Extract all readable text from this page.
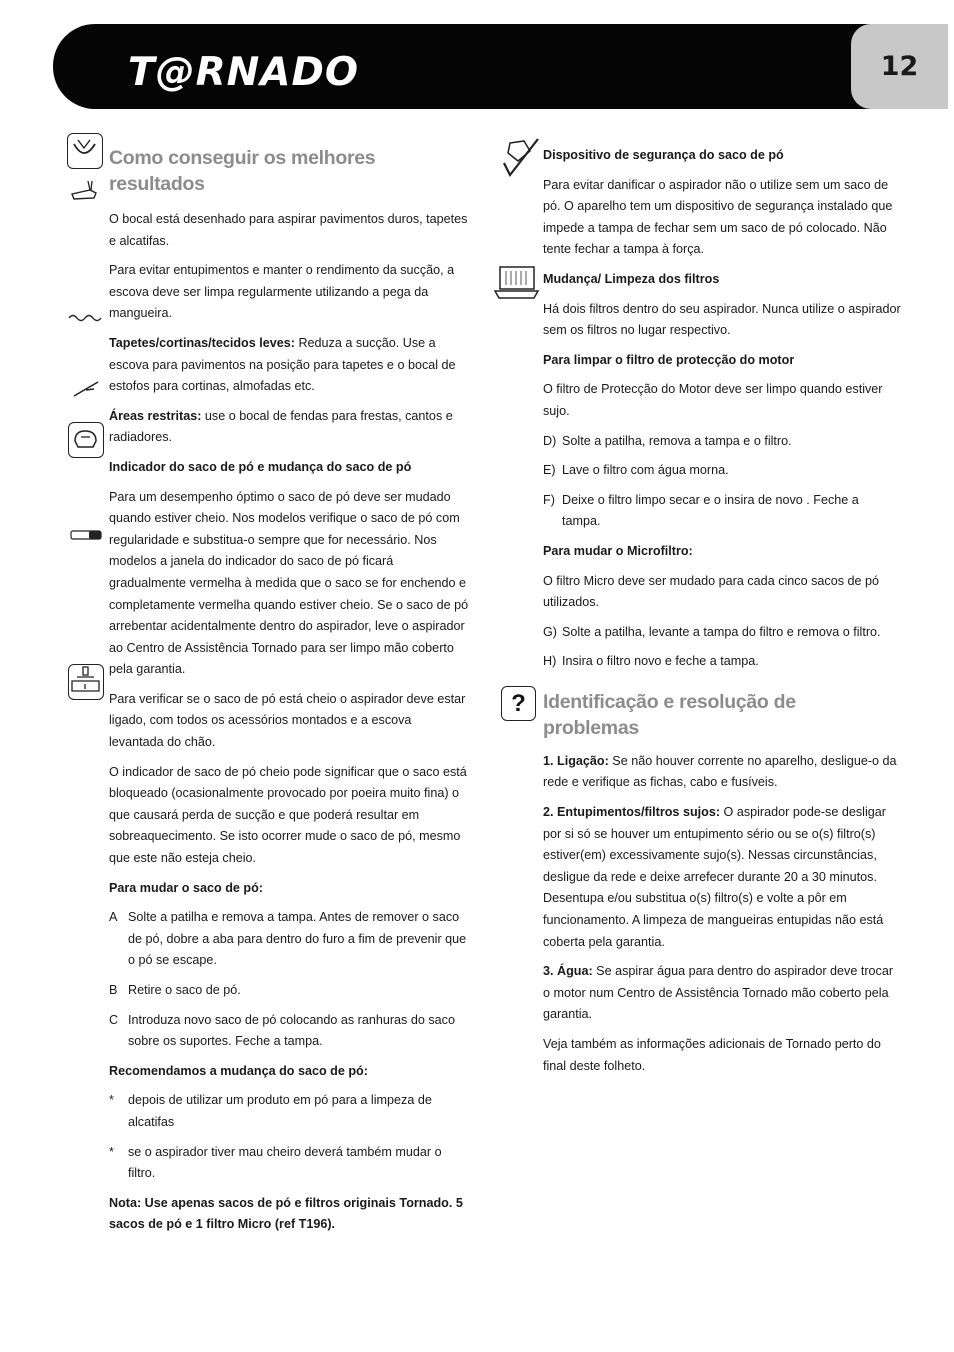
T@RNADO	12
?
Como conseguir os melhores resultados

O bocal está desenhado para aspirar pavimentos duros, tapetes e alcatifas.

Para evitar entupimentos e manter o rendimento da sucção, a escova deve ser limpa regularmente utilizando a pega da mangueira.

Tapetes/cortinas/tecidos leves: Reduza a sucção. Use a escova para pavimentos na posição para tapetes e o bocal de estofos para cortinas, almofadas etc.

Áreas restritas: use o bocal de fendas para frestas, cantos e radiadores.

Indicador do saco de pó e mudança do saco de pó

Para um desempenho óptimo o saco de pó deve ser mudado quando estiver cheio. Nos modelos verifique o saco de pó com regularidade e substitua-o sempre que for necessário. Nos modelos a janela do indicador do saco de pó ficará gradualmente vermelha à medida que o saco se for enchendo e completamente vermelha quando estiver cheio. Se o saco de pó arrebentar acidentalmente dentro do aspirador, leve o aspirador ao Centro de Assistência Tornado para ser limpo mão coberto pela garantia.

Para verificar se o saco de pó está cheio o aspirador deve estar ligado, com todos os acessórios montados e a escova levantada do chão.

O indicador de saco de pó cheio pode significar que o saco está bloqueado (ocasionalmente provocado por poeira muito fina) o que causará perda de sucção e que poderá resultar em sobreaquecimento. Se isto ocorrer mude o saco de pó, mesmo que este não esteja cheio.

Para mudar o saco de pó:

A Solte a patilha e remova a tampa. Antes de remover o saco de pó, dobre a aba para dentro do furo a fim de prevenir que o pó se escape.
B Retire o saco de pó.
C Introduza novo saco de pó colocando as ranhuras do saco sobre os suportes. Feche a tampa.

Recomendamos a mudança do saco de pó:

*	depois de utilizar um produto em pó para a limpeza de alcatifas
*	se o aspirador tiver mau cheiro deverá também mudar o filtro.

Nota: Use apenas sacos de pó e filtros originais Tornado. 5 sacos de pó e 1 filtro Micro (ref T196).

Dispositivo de segurança do saco de pó

Para evitar danificar o aspirador não o utilize sem um saco de pó. O aparelho tem um dispositivo de segurança instalado que impede a tampa de fechar sem um saco de pó colocado. Não tente fechar a tampa à força.

Mudança/ Limpeza dos filtros

Há dois filtros dentro do seu aspirador. Nunca utilize o aspirador sem os filtros no lugar respectivo.

Para limpar o filtro de protecção do motor

O filtro de Protecção do Motor deve ser limpo quando estiver sujo.

D) Solte a patilha, remova a tampa e o filtro.
E) Lave o filtro com água morna.
F) Deixe o filtro limpo secar e o insira de novo . Feche a tampa.

Para mudar o Microfiltro:

O filtro Micro deve ser mudado para cada cinco sacos de pó utilizados.

G) Solte a patilha, levante a tampa do filtro e remova o filtro.
H) Insira o filtro novo e feche a tampa.
Identificação e resolução de problemas

1. Ligação: Se não houver corrente no aparelho, desligue-o da rede e verifique as fichas, cabo e fusíveis.

2. Entupimentos/filtros sujos: O aspirador pode-se desligar por si só se houver um entupimento sério ou se o(s) filtro(s) estiver(em) excessivamente sujo(s). Nessas circunstâncias, desligue da rede e deixe arrefecer durante 20 a 30 minutos. Desentupa e/ou substitua o(s) filtro(s) e volte a pôr em funcionamento. A limpeza de mangueiras entupidas não está coberta pela garantia.

3. Água: Se aspirar água para dentro do aspirador deve trocar o motor num Centro de Assistência Tornado mão coberto pela garantia.

Veja também as informações adicionais de Tornado perto do final deste folheto.
